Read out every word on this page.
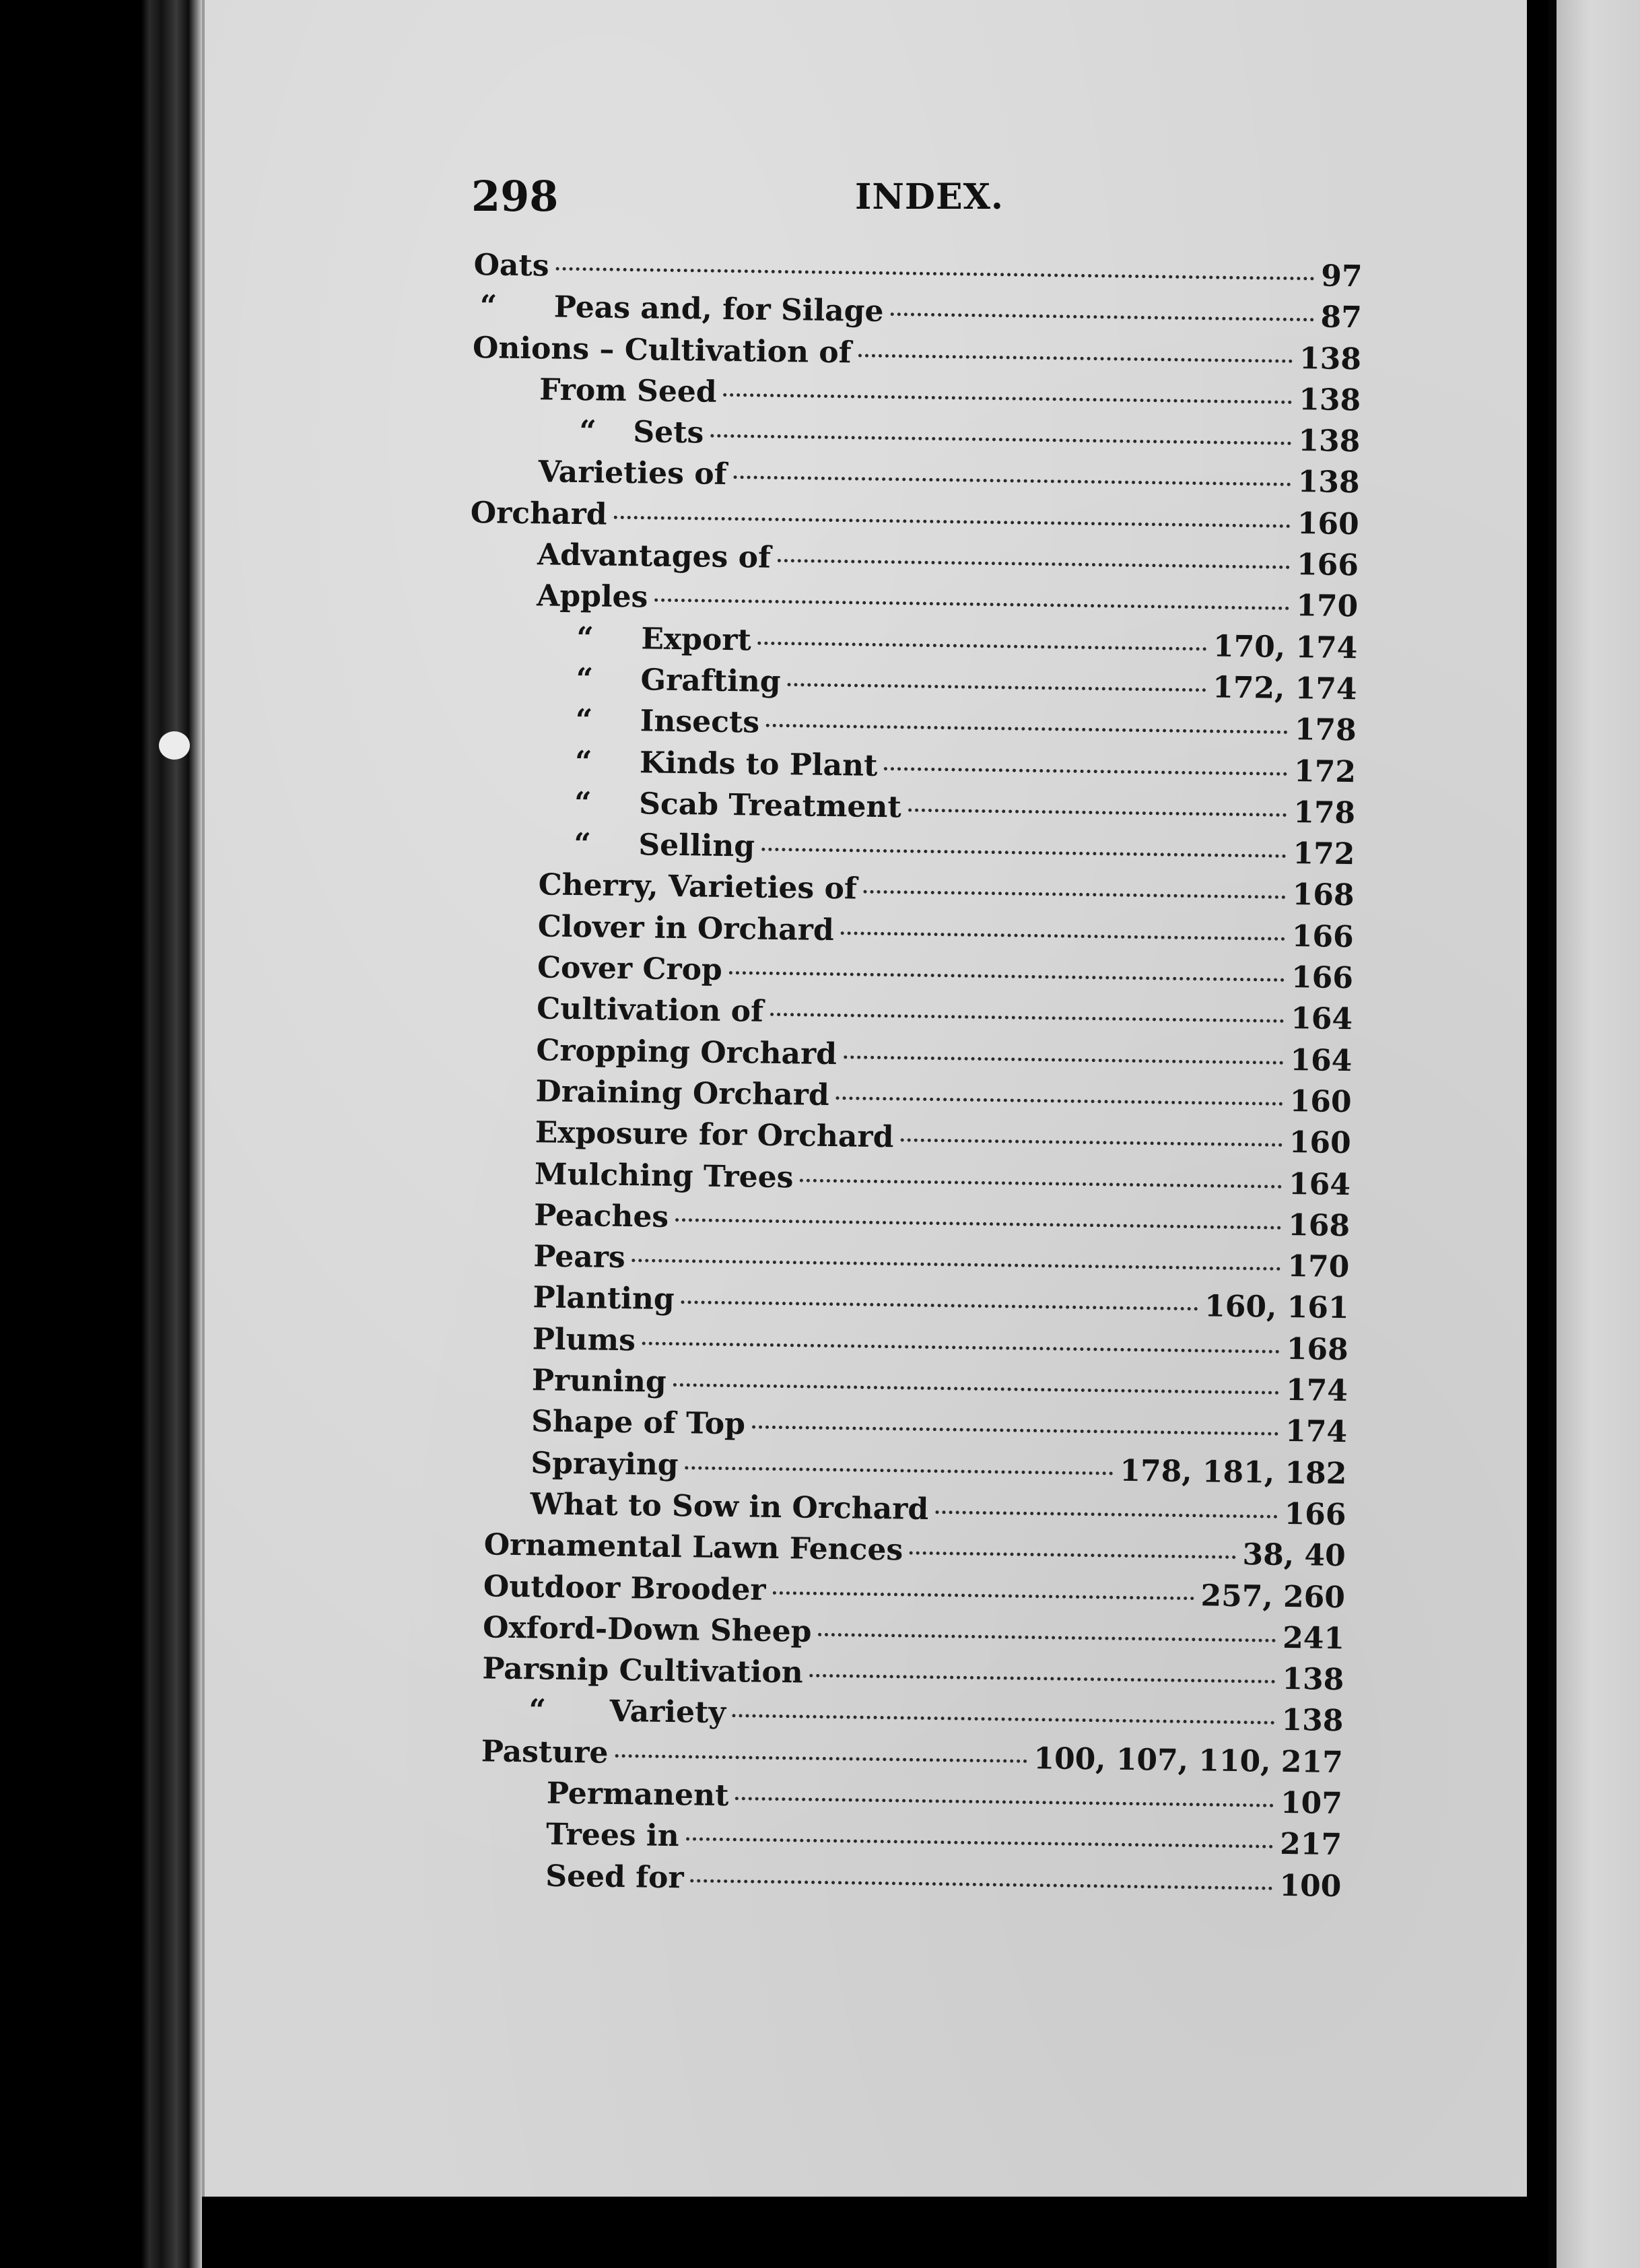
298	INDEX.
Oats	97
“	Peas and, for Silage	87
Onions – Cultivation of	138
From Seed	138
“	Sets	138
Varieties of	138
Orchard	160
Advantages of	166
Apples	170
“	Export	170, 174
“	Grafting	172, 174
“	Insects	178
“	Kinds to Plant	172
“	Scab Treatment	178
“	Selling	172
Cherry, Varieties of	168
Clover in Orchard	166
Cover Crop	166
Cultivation of	164
Cropping Orchard	164
Draining Orchard	160
Exposure for Orchard	160
Mulching Trees	164
Peaches	168
Pears	170
Planting	160, 161
Plums	168
Pruning	174
Shape of Top	174
Spraying	178, 181, 182
What to Sow in Orchard	166
Ornamental Lawn Fences	38, 40
Outdoor Brooder	257, 260
Oxford-Down Sheep	241
Parsnip Cultivation	138
“	Variety	138
Pasture	100, 107, 110, 217
Permanent	107
Trees in	217
Seed for	100
